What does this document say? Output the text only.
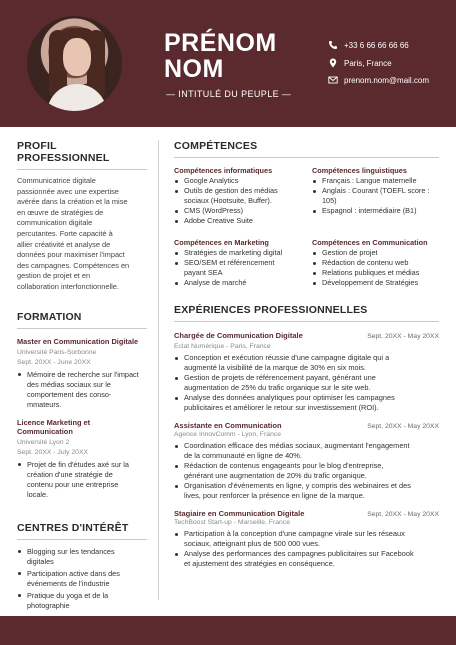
PRÉNOM
NOM
— INTITULÉ DU PEUPLE —
+33 6 66 66 66 66
Paris, France
prenom.nom@mail.com
PROFIL PROFESSIONNEL
Communicatrice digitale
passionnée avec une expertise
avérée dans la création et la mise
en œuvre de stratégies de
communication digitale
percutantes. Forte capacité à
allier créativité et analyse de
données pour maximiser l'impact
des campagnes. Compétences en
gestion de projet et en
collaboration interfonctionnelle.
FORMATION
Master en Communication Digitale
Université Paris-Sorbonne
Sept. 20XX - June 20XX
Mémoire de recherche sur l'impact
des médias sociaux sur le
comportement des conso-
mmateurs.
Licence Marketing et Communication
Université Lyon 2
Sept. 20XX - July 20XX
Projet de fin d'études axé sur la
création d'une stratégie de
contenu pour une entreprise
locale.
CENTRES D'INTÉRÊT
Blogging sur les tendances
digitales
Participation active dans des
événements de l'industrie
Pratique du yoga et de la
photographie
COMPÉTENCES
Compétences informatiques
Google Analytics
Outils de gestion des médias
sociaux (Hootsuite, Buffer).
CMS (WordPress)
Adobe Creative Suite
Compétences linguistiques
Français : Langue maternelle
Anglais : Courant (TOEFL score :
105)
Espagnol : intermédiaire (B1)
Compétences en Marketing
Stratégies de marketing digital
SEO/SEM et référencement
payant SEA
Analyse de marché
Compétences en Communication
Gestion de projet
Rédaction de contenu web
Relations publiques et médias
Développement de Stratégies
EXPÉRIENCES PROFESSIONNELLES
Chargée de Communication Digitale	Sept. 20XX - May 20XX
Eclat Numérique - Paris, France
Conception et exécution réussie d'une campagne digitale qui a
augmenté la visibilité de la marque de 30% en six mois.
Gestion de projets de référencement payant, générant une
augmentation de 25% du trafic organique sur le site web.
Analyse des données analytiques pour optimiser les campagnes
publicitaires et améliorer le retour sur investissement (ROI).
Assistante en Communication	Sept. 20XX - May 20XX
Agence InnovComm - Lyon, France
Coordination efficace des médias sociaux, augmentant l'engagement
de la communauté en ligne de 40%.
Rédaction de contenus engageants pour le blog d'entreprise,
générant une augmentation de 20% du trafic organique.
Organisation d'événements en ligne, y compris des webinaires et des
lives, pour renforcer la présence en ligne de la marque.
Stagiaire en Communication Digitale	Sept. 20XX - May 20XX
TechBoost Start-up - Marseille, France
Participation à la conception d'une campagne virale sur les réseaux
sociaux, atteignant plus de 500 000 vues.
Analyse des performances des campagnes publicitaires sur Facebook
et ajustement des stratégies en conséquence.
